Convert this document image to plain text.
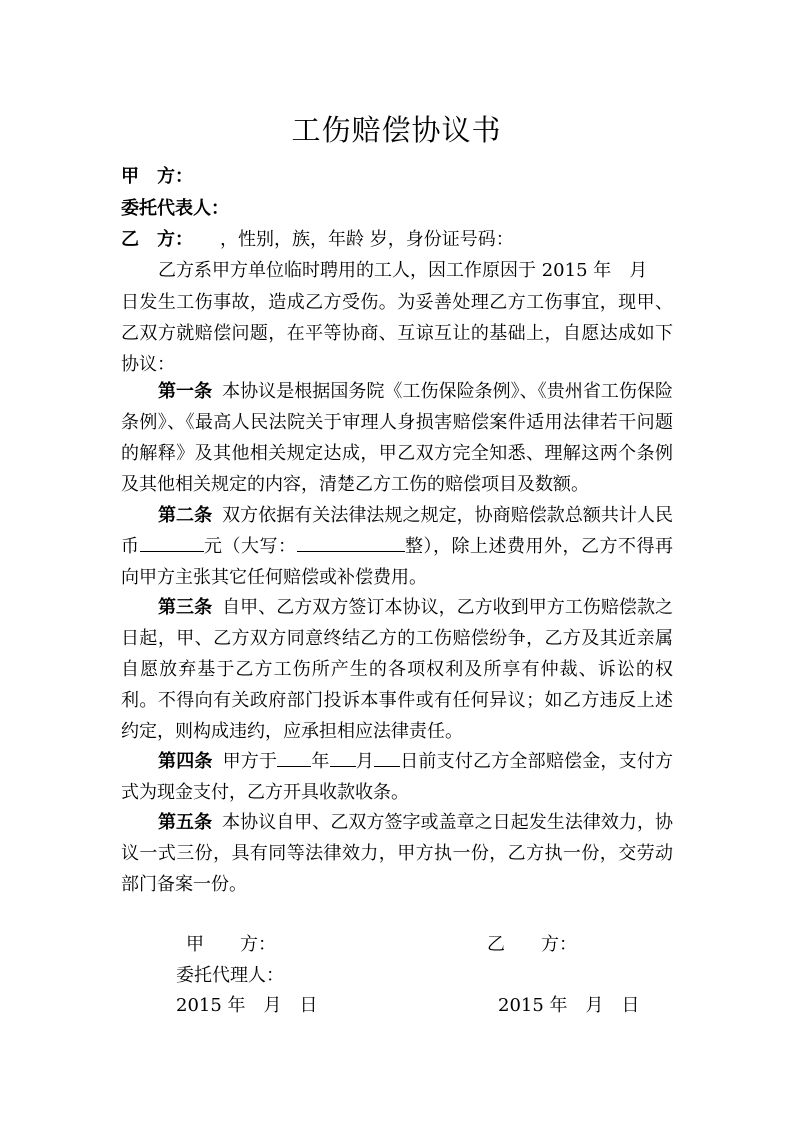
工伤赔偿协议书
甲　方：
委托代表人：
乙　方：　　，性别，族，年龄 岁，身份证号码：
乙方系甲方单位临时聘用的工人，因工作原因于 2015 年　月
日发生工伤事故，造成乙方受伤。为妥善处理乙方工伤事宜，现甲、乙双方就赔偿问题，在平等协商、互谅互让的基础上，自愿达成如下协议：
第一条 本协议是根据国务院《工伤保险条例》、《贵州省工伤保险条例》、《最高人民法院关于审理人身损害赔偿案件适用法律若干问题的解释》及其他相关规定达成，甲乙双方完全知悉、理解这两个条例及其他相关规定的内容，清楚乙方工伤的赔偿项目及数额。
第二条 双方依据有关法律法规之规定，协商赔偿款总额共计人民币	元（大写：	整），除上述费用外，乙方不得再向甲方主张其它任何赔偿或补偿费用。
第三条 自甲、乙方双方签订本协议，乙方收到甲方工伤赔偿款之日起，甲、乙方双方同意终结乙方的工伤赔偿纷争，乙方及其近亲属自愿放弃基于乙方工伤所产生的各项权利及所享有仲裁、诉讼的权利。不得向有关政府部门投诉本事件或有任何异议；如乙方违反上述约定，则构成违约，应承担相应法律责任。
第四条 甲方于 年 月 日前支付乙方全部赔偿金，支付方式为现金支付，乙方开具收款收条。
第五条 本协议自甲、乙双方签字或盖章之日起发生法律效力，协议一式三份，具有同等法律效力，甲方执一份，乙方执一份，交劳动部门备案一份。
甲　　方：	乙　　方：
委托代理人：
2015 年　月　日	2015 年　月　日
